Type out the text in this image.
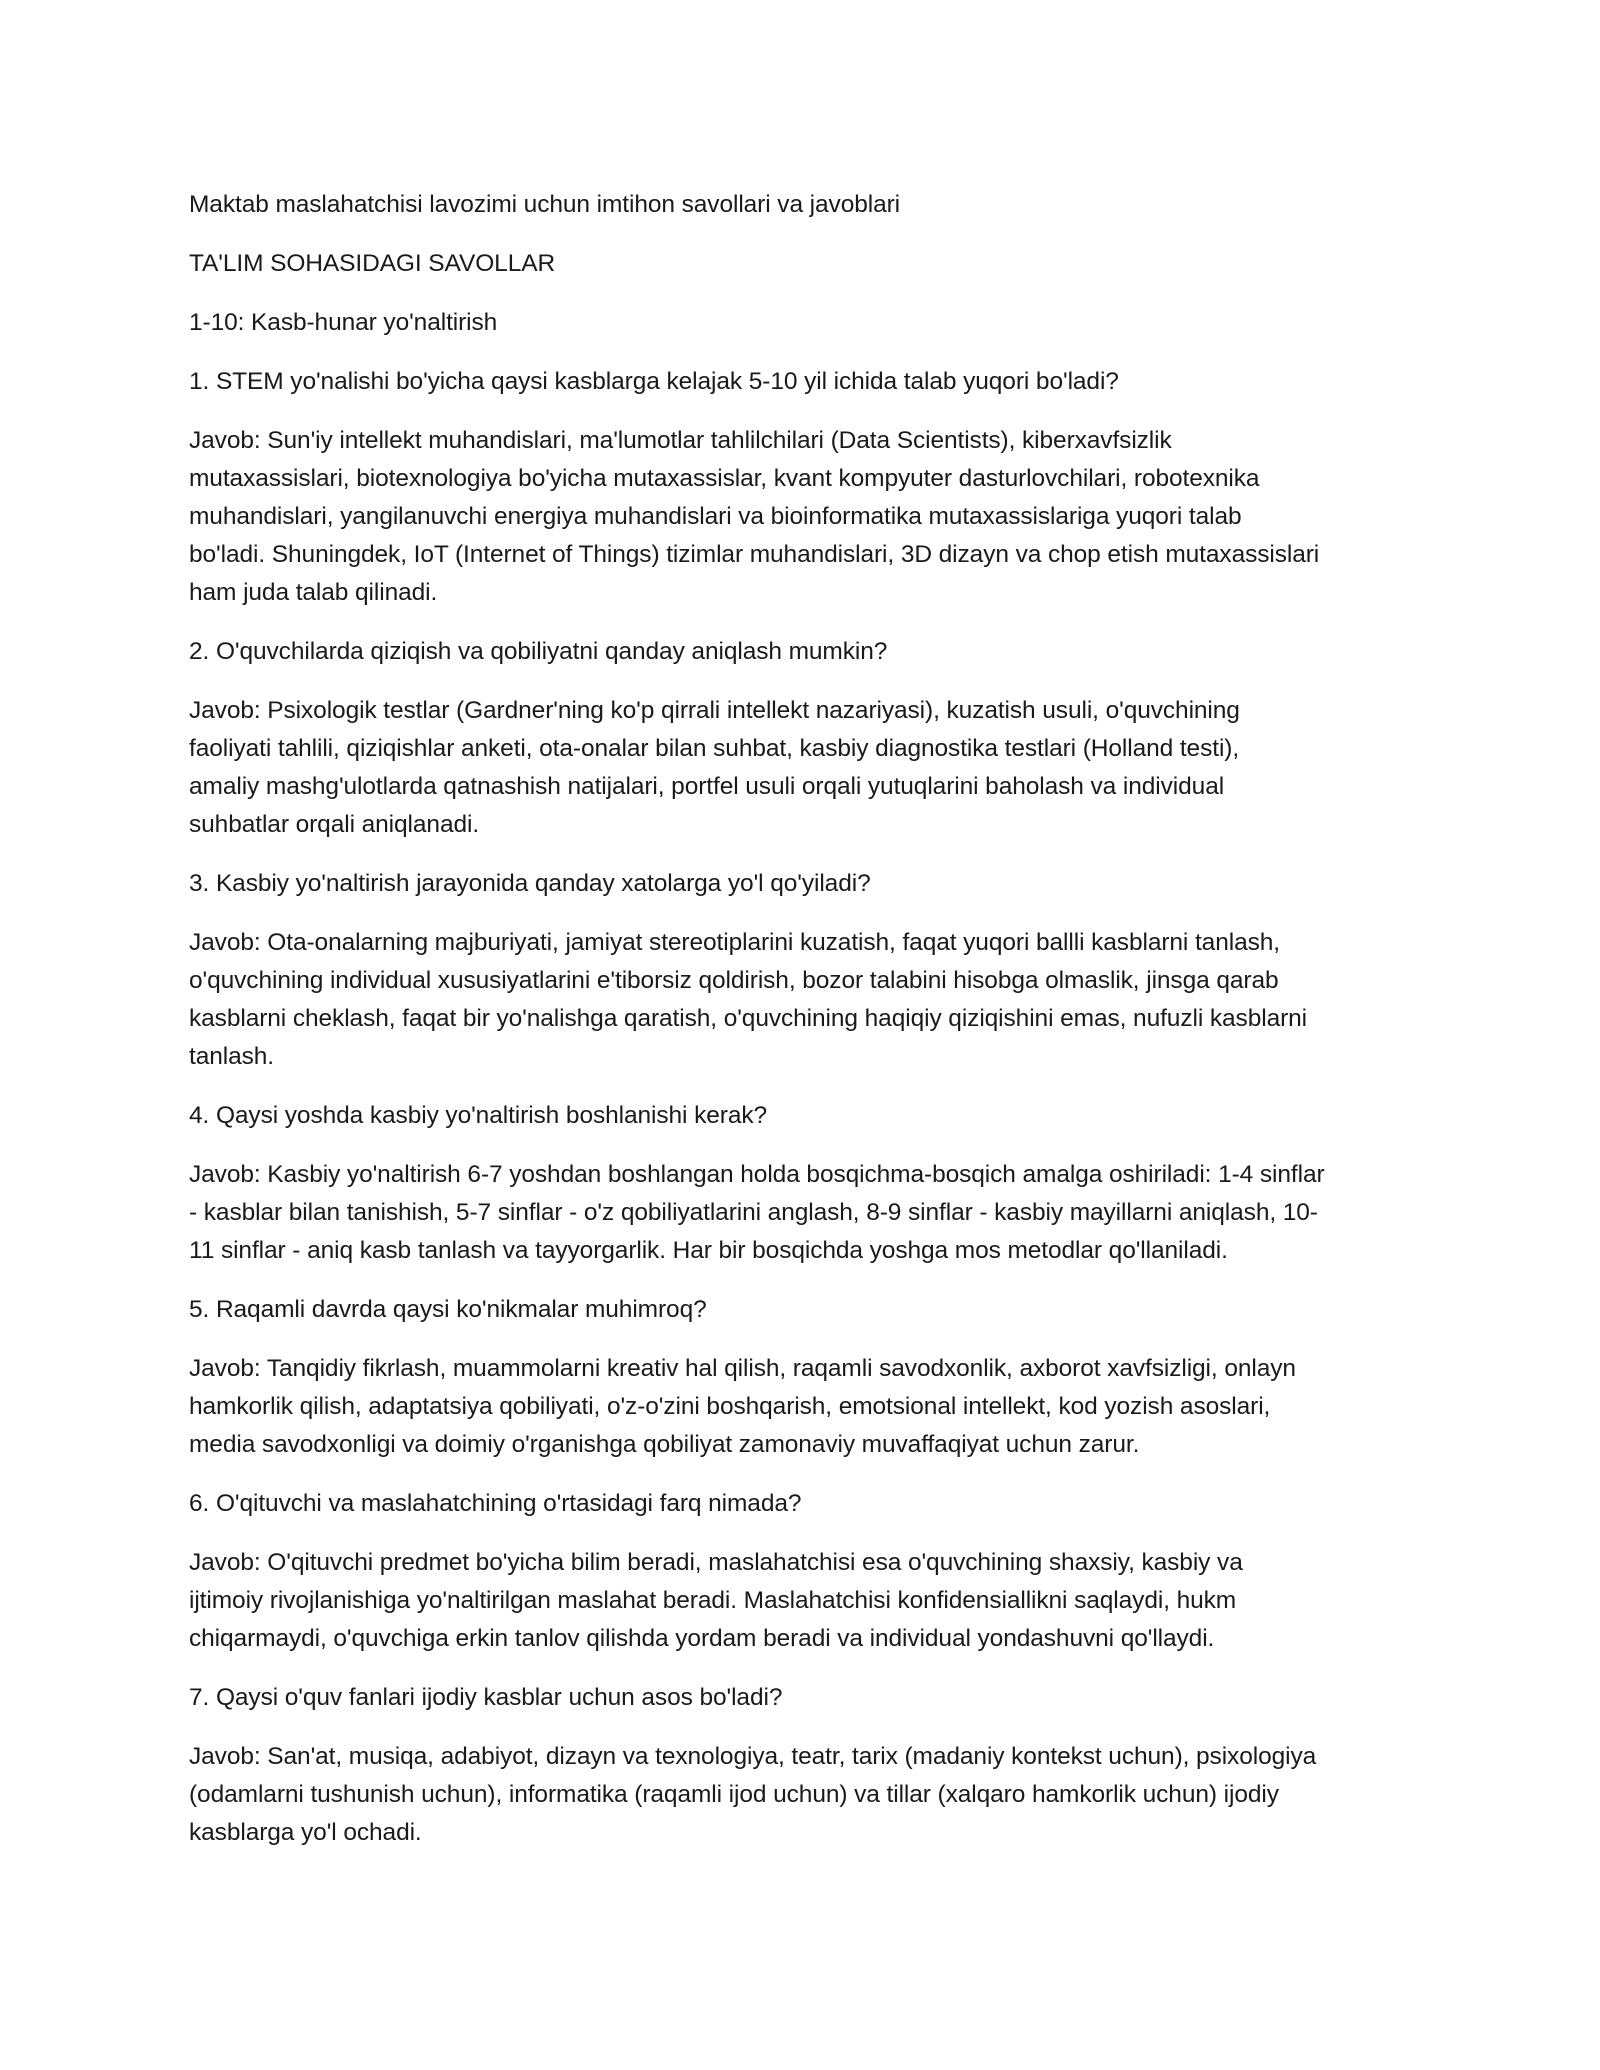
Maktab maslahatchisi lavozimi uchun imtihon savollari va javoblari

TA'LIM SOHASIDAGI SAVOLLAR

1-10: Kasb-hunar yo'naltirish

1. STEM yo'nalishi bo'yicha qaysi kasblarga kelajak 5-10 yil ichida talab yuqori bo'ladi?

Javob: Sun'iy intellekt muhandislari, ma'lumotlar tahlilchilari (Data Scientists), kiberxavfsizlik
mutaxassislari, biotexnologiya bo'yicha mutaxassislar, kvant kompyuter dasturlovchilari, robotexnika
muhandislari, yangilanuvchi energiya muhandislari va bioinformatika mutaxassislariga yuqori talab
bo'ladi. Shuningdek, IoT (Internet of Things) tizimlar muhandislari, 3D dizayn va chop etish mutaxassislari
ham juda talab qilinadi.

2. O'quvchilarda qiziqish va qobiliyatni qanday aniqlash mumkin?

Javob: Psixologik testlar (Gardner'ning ko'p qirrali intellekt nazariyasi), kuzatish usuli, o'quvchining
faoliyati tahlili, qiziqishlar anketi, ota-onalar bilan suhbat, kasbiy diagnostika testlari (Holland testi),
amaliy mashg'ulotlarda qatnashish natijalari, portfel usuli orqali yutuqlarini baholash va individual
suhbatlar orqali aniqlanadi.

3. Kasbiy yo'naltirish jarayonida qanday xatolarga yo'l qo'yiladi?

Javob: Ota-onalarning majburiyati, jamiyat stereotiplarini kuzatish, faqat yuqori ballli kasblarni tanlash,
o'quvchining individual xususiyatlarini e'tiborsiz qoldirish, bozor talabini hisobga olmaslik, jinsga qarab
kasblarni cheklash, faqat bir yo'nalishga qaratish, o'quvchining haqiqiy qiziqishini emas, nufuzli kasblarni
tanlash.

4. Qaysi yoshda kasbiy yo'naltirish boshlanishi kerak?

Javob: Kasbiy yo'naltirish 6-7 yoshdan boshlangan holda bosqichma-bosqich amalga oshiriladi: 1-4 sinflar
- kasblar bilan tanishish, 5-7 sinflar - o'z qobiliyatlarini anglash, 8-9 sinflar - kasbiy mayillarni aniqlash, 10-
11 sinflar - aniq kasb tanlash va tayyorgarlik. Har bir bosqichda yoshga mos metodlar qo'llaniladi.

5. Raqamli davrda qaysi ko'nikmalar muhimroq?

Javob: Tanqidiy fikrlash, muammolarni kreativ hal qilish, raqamli savodxonlik, axborot xavfsizligi, onlayn
hamkorlik qilish, adaptatsiya qobiliyati, o'z-o'zini boshqarish, emotsional intellekt, kod yozish asoslari,
media savodxonligi va doimiy o'rganishga qobiliyat zamonaviy muvaffaqiyat uchun zarur.

6. O'qituvchi va maslahatchining o'rtasidagi farq nimada?

Javob: O'qituvchi predmet bo'yicha bilim beradi, maslahatchisi esa o'quvchining shaxsiy, kasbiy va
ijtimoiy rivojlanishiga yo'naltirilgan maslahat beradi. Maslahatchisi konfidensiallikni saqlaydi, hukm
chiqarmaydi, o'quvchiga erkin tanlov qilishda yordam beradi va individual yondashuvni qo'llaydi.

7. Qaysi o'quv fanlari ijodiy kasblar uchun asos bo'ladi?

Javob: San'at, musiqa, adabiyot, dizayn va texnologiya, teatr, tarix (madaniy kontekst uchun), psixologiya
(odamlarni tushunish uchun), informatika (raqamli ijod uchun) va tillar (xalqaro hamkorlik uchun) ijodiy
kasblarga yo'l ochadi.
